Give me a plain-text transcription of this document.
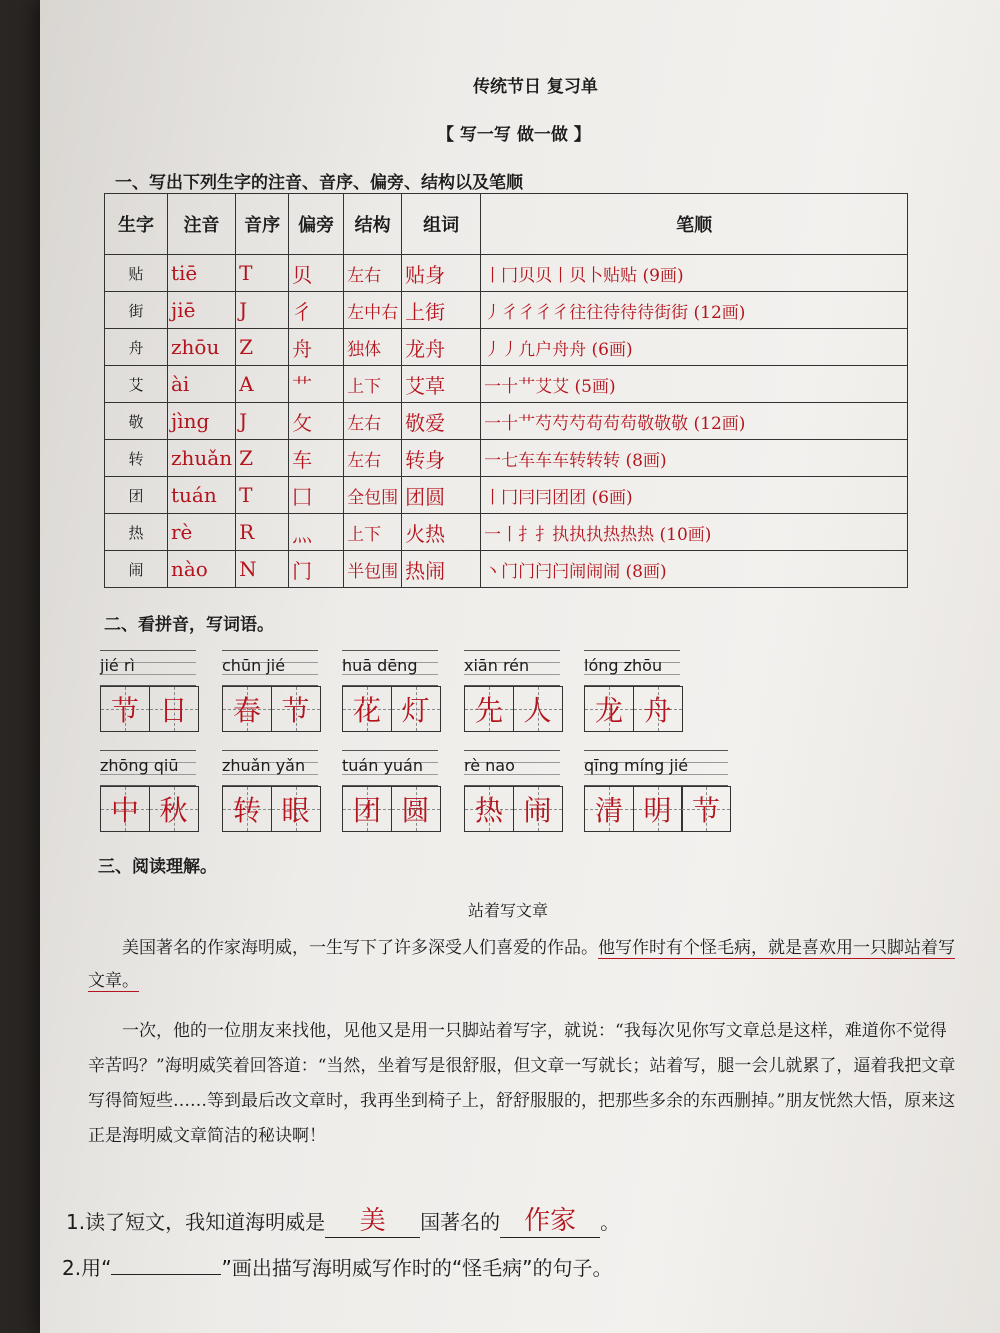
传统节日 复习单
【 写一写 做一做 】
一、写出下列生字的注音、音序、偏旁、结构以及笔顺
生字	注音	音序	偏旁	结构	组词	笔顺
贴	tiē	T	贝	左右	贴身	丨冂贝贝丨贝卜贴贴 (9画)
街	jiē	J	彳	左中右	上街	丿彳彳彳彳往往待待待街街 (12画)
舟	zhōu	Z	舟	独体	龙舟	丿丿凢户舟舟 (6画)
艾	ài	A	艹	上下	艾草	一十艹艾艾 (5画)
敬	jìng	J	攵	左右	敬爱	一十艹芍芍芍苟苟苟敬敬敬 (12画)
转	zhuǎn	Z	车	左右	转身	一七车车车转转转 (8画)
团	tuán	T	囗	全包围	团圆	丨冂冃冃团团 (6画)
热	rè	R	灬	上下	火热	一丨扌扌执执执热热热 (10画)
闹	nào	N	门	半包围	热闹	丶门门闩闩闹闹闹 (8画)
二、看拼音，写词语。
jié rì
节 日
chūn jié
春 节
huā dēng
花 灯
xiān rén
先 人
lóng zhōu
龙 舟
zhōng qiū
中 秋
zhuǎn yǎn
转 眼
tuán yuán
团 圆
rè nao
热 闹
qīng míng jié
清 明 节
三、阅读理解。
站着写文章
美国著名的作家海明威，一生写下了许多深受人们喜爱的作品。他写作时有个怪毛病，就是喜欢用一只脚站着写文章。
一次，他的一位朋友来找他，见他又是用一只脚站着写字，就说：“我每次见你写文章总是这样，难道你不觉得辛苦吗？”海明威笑着回答道：“当然，坐着写是很舒服，但文章一写就长；站着写，腿一会儿就累了，逼着我把文章写得简短些……等到最后改文章时，我再坐到椅子上，舒舒服服的，把那些多余的东西删掉。”朋友恍然大悟，原来这正是海明威文章简洁的秘诀啊！
1.读了短文，我知道海明威是 美 国著名的 作家 。
2.用“	”画出描写海明威写作时的“怪毛病”的句子。
